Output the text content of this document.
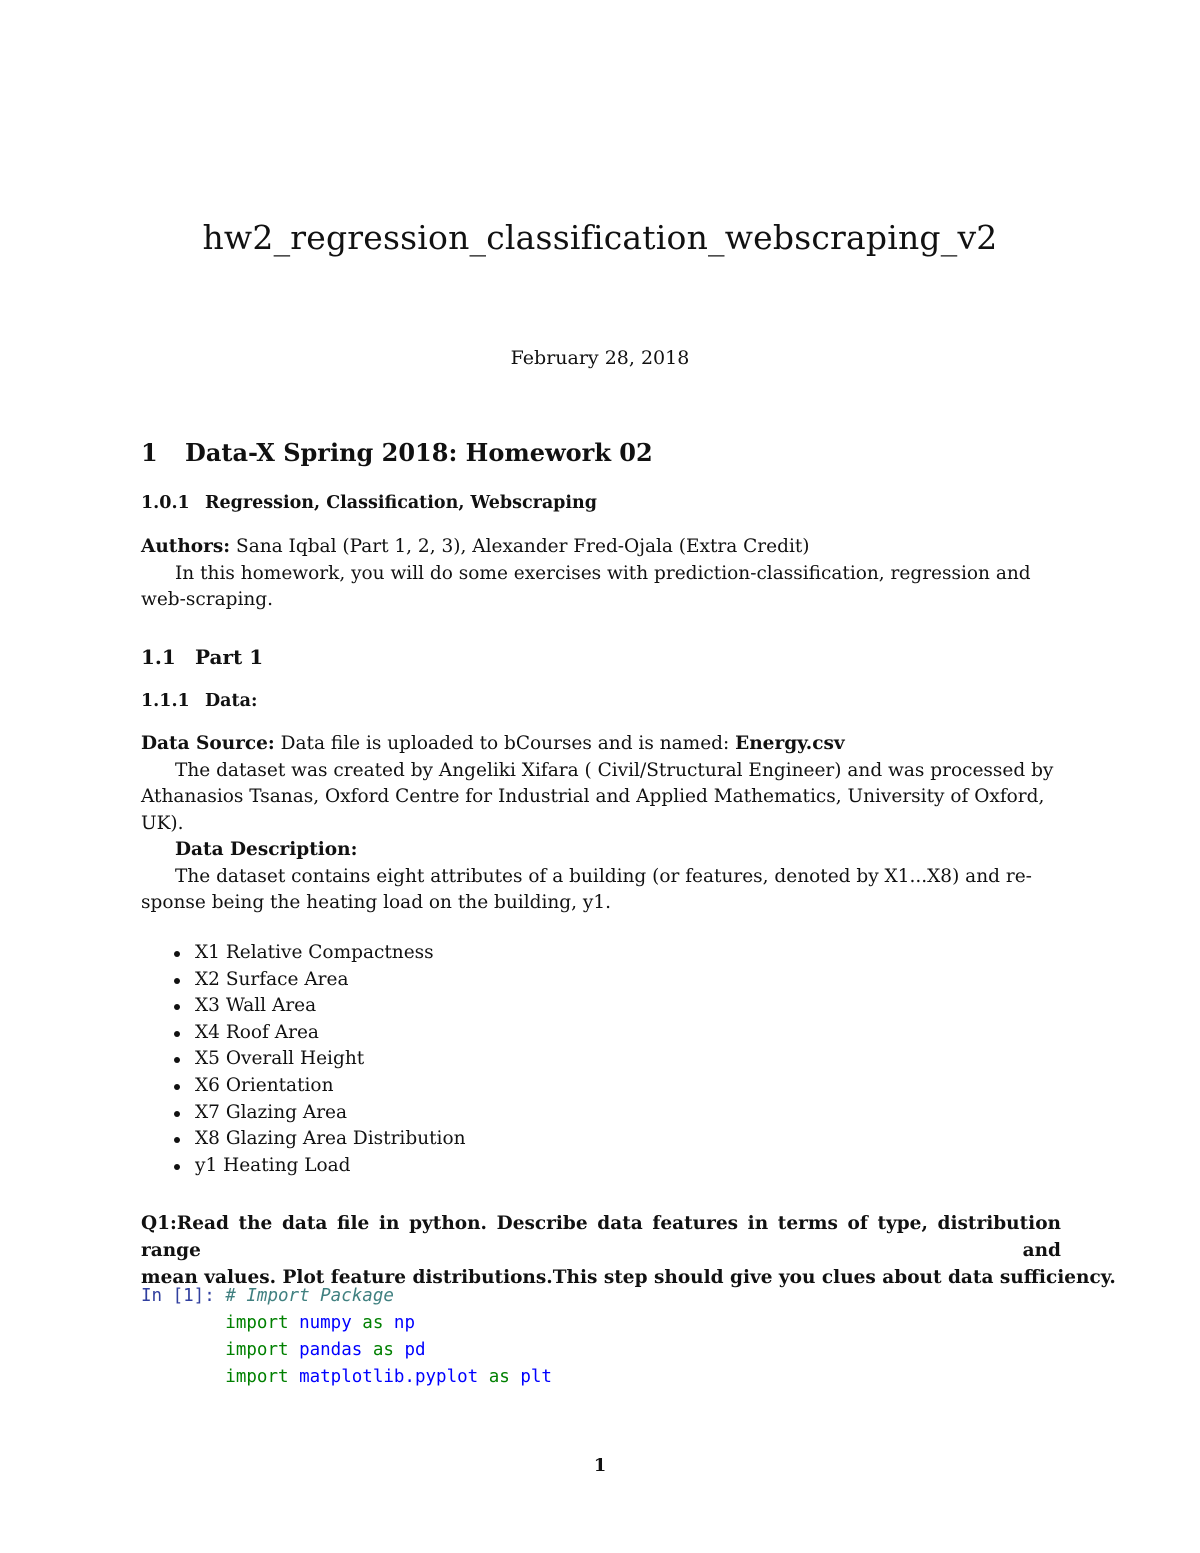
hw2_regression_classification_webscraping_v2
February 28, 2018
1 Data-X Spring 2018: Homework 02
1.0.1 Regression, Classification, Webscraping
Authors: Sana Iqbal (Part 1, 2, 3), Alexander Fred-Ojala (Extra Credit)
In this homework, you will do some exercises with prediction-classification, regression and
web-scraping.
1.1 Part 1
1.1.1 Data:
Data Source: Data file is uploaded to bCourses and is named: Energy.csv
The dataset was created by Angeliki Xifara ( Civil/Structural Engineer) and was processed by
Athanasios Tsanas, Oxford Centre for Industrial and Applied Mathematics, University of Oxford,
UK).
Data Description:
The dataset contains eight attributes of a building (or features, denoted by X1...X8) and re-
sponse being the heating load on the building, y1.
X1 Relative Compactness
X2 Surface Area
X3 Wall Area
X4 Roof Area
X5 Overall Height
X6 Orientation
X7 Glazing Area
X8 Glazing Area Distribution
y1 Heating Load
Q1:Read the data file in python. Describe data features in terms of type, distribution range and
mean values. Plot feature distributions.This step should give you clues about data sufficiency.
In [1]: # Import Package
import numpy as np
import pandas as pd
import matplotlib.pyplot as plt
1
